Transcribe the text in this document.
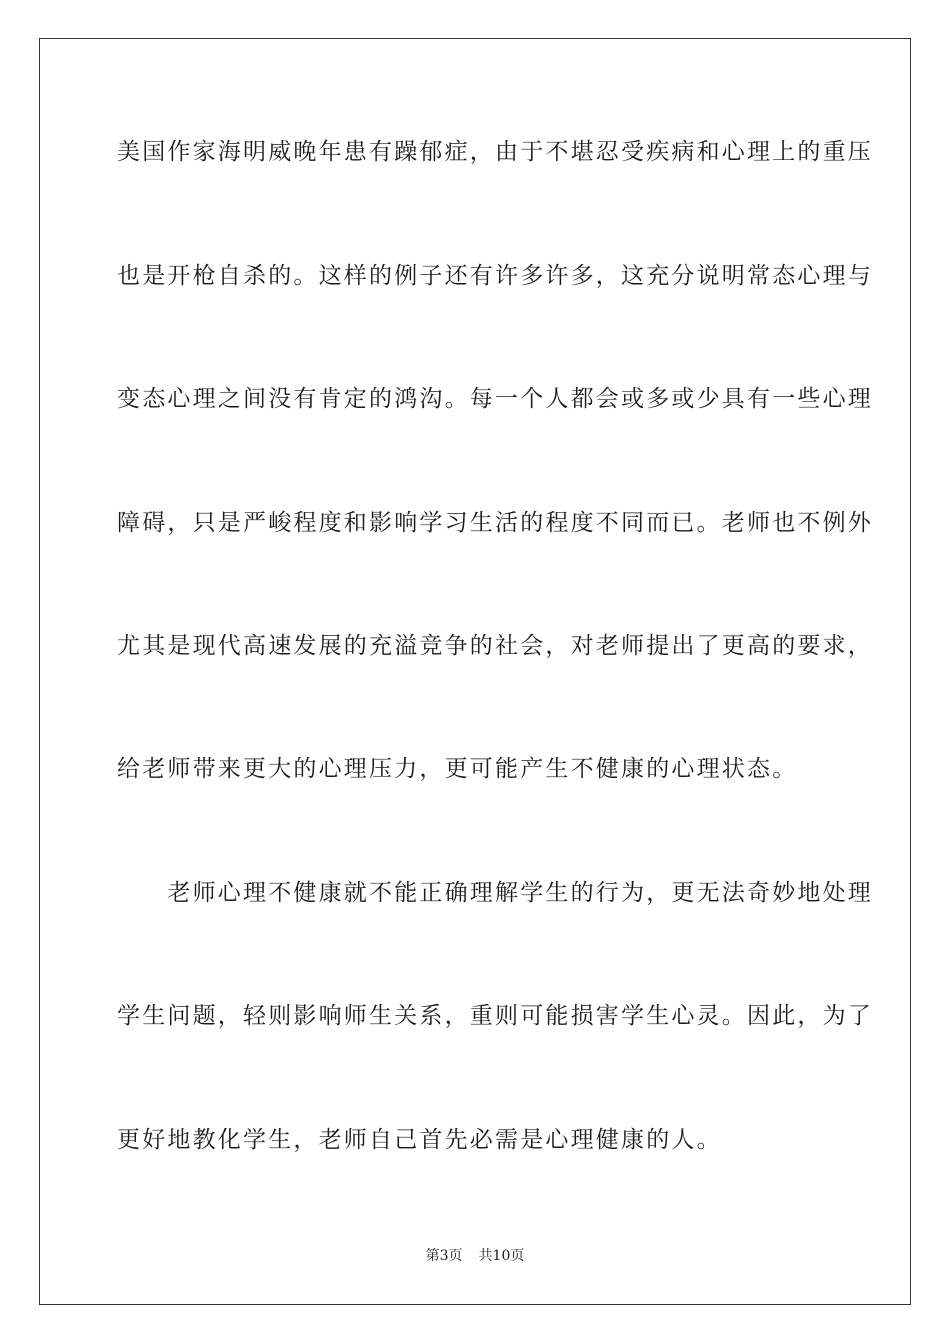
美国作家海明威晚年患有躁郁症，由于不堪忍受疾病和心理上的重压
也是开枪自杀的。这样的例子还有许多许多，这充分说明常态心理与
变态心理之间没有肯定的鸿沟。每一个人都会或多或少具有一些心理
障碍，只是严峻程度和影响学习生活的程度不同而已。老师也不例外
尤其是现代高速发展的充溢竞争的社会，对老师提出了更高的要求，
给老师带来更大的心理压力，更可能产生不健康的心理状态。
　　老师心理不健康就不能正确理解学生的行为，更无法奇妙地处理
学生问题，轻则影响师生关系，重则可能损害学生心灵。因此，为了
更好地教化学生，老师自己首先必需是心理健康的人。
第3页 共10页
